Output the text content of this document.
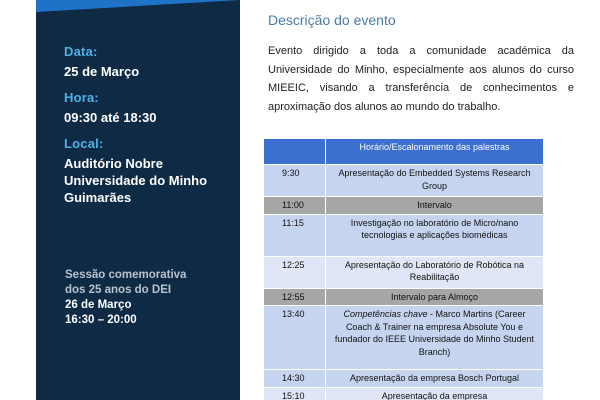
Data:
25 de Março
Hora:
09:30 até 18:30
Local:
Auditório Nobre
Universidade do Minho
Guimarães
Sessão comemorativa
dos 25 anos do DEI
26 de Março
16:30 – 20:00
Descrição do evento
Evento dirigido a toda a comunidade académica da Universidade do Minho, especialmente aos alunos do curso MIEEIC, visando a transferência de conhecimentos e aproximação dos alunos ao mundo do trabalho.
	Horário/Escalonamento das palestras
9:30	Apresentação do Embedded Systems Research Group
11:00	Intervalo
11:15	Investigação no laboratório de Micro/nano tecnologias e aplicações biomédicas
12:25	Apresentação do Laboratório de Robótica na Reabilitação
12:55	Intervalo para Almoço
13:40	Competências chave - Marco Martins (Career Coach & Trainer na empresa Absolute You e fundador do IEEE Universidade do Minho Student Branch)
14:30	Apresentação da empresa Bosch Portugal
15:10	Apresentação da empresa
